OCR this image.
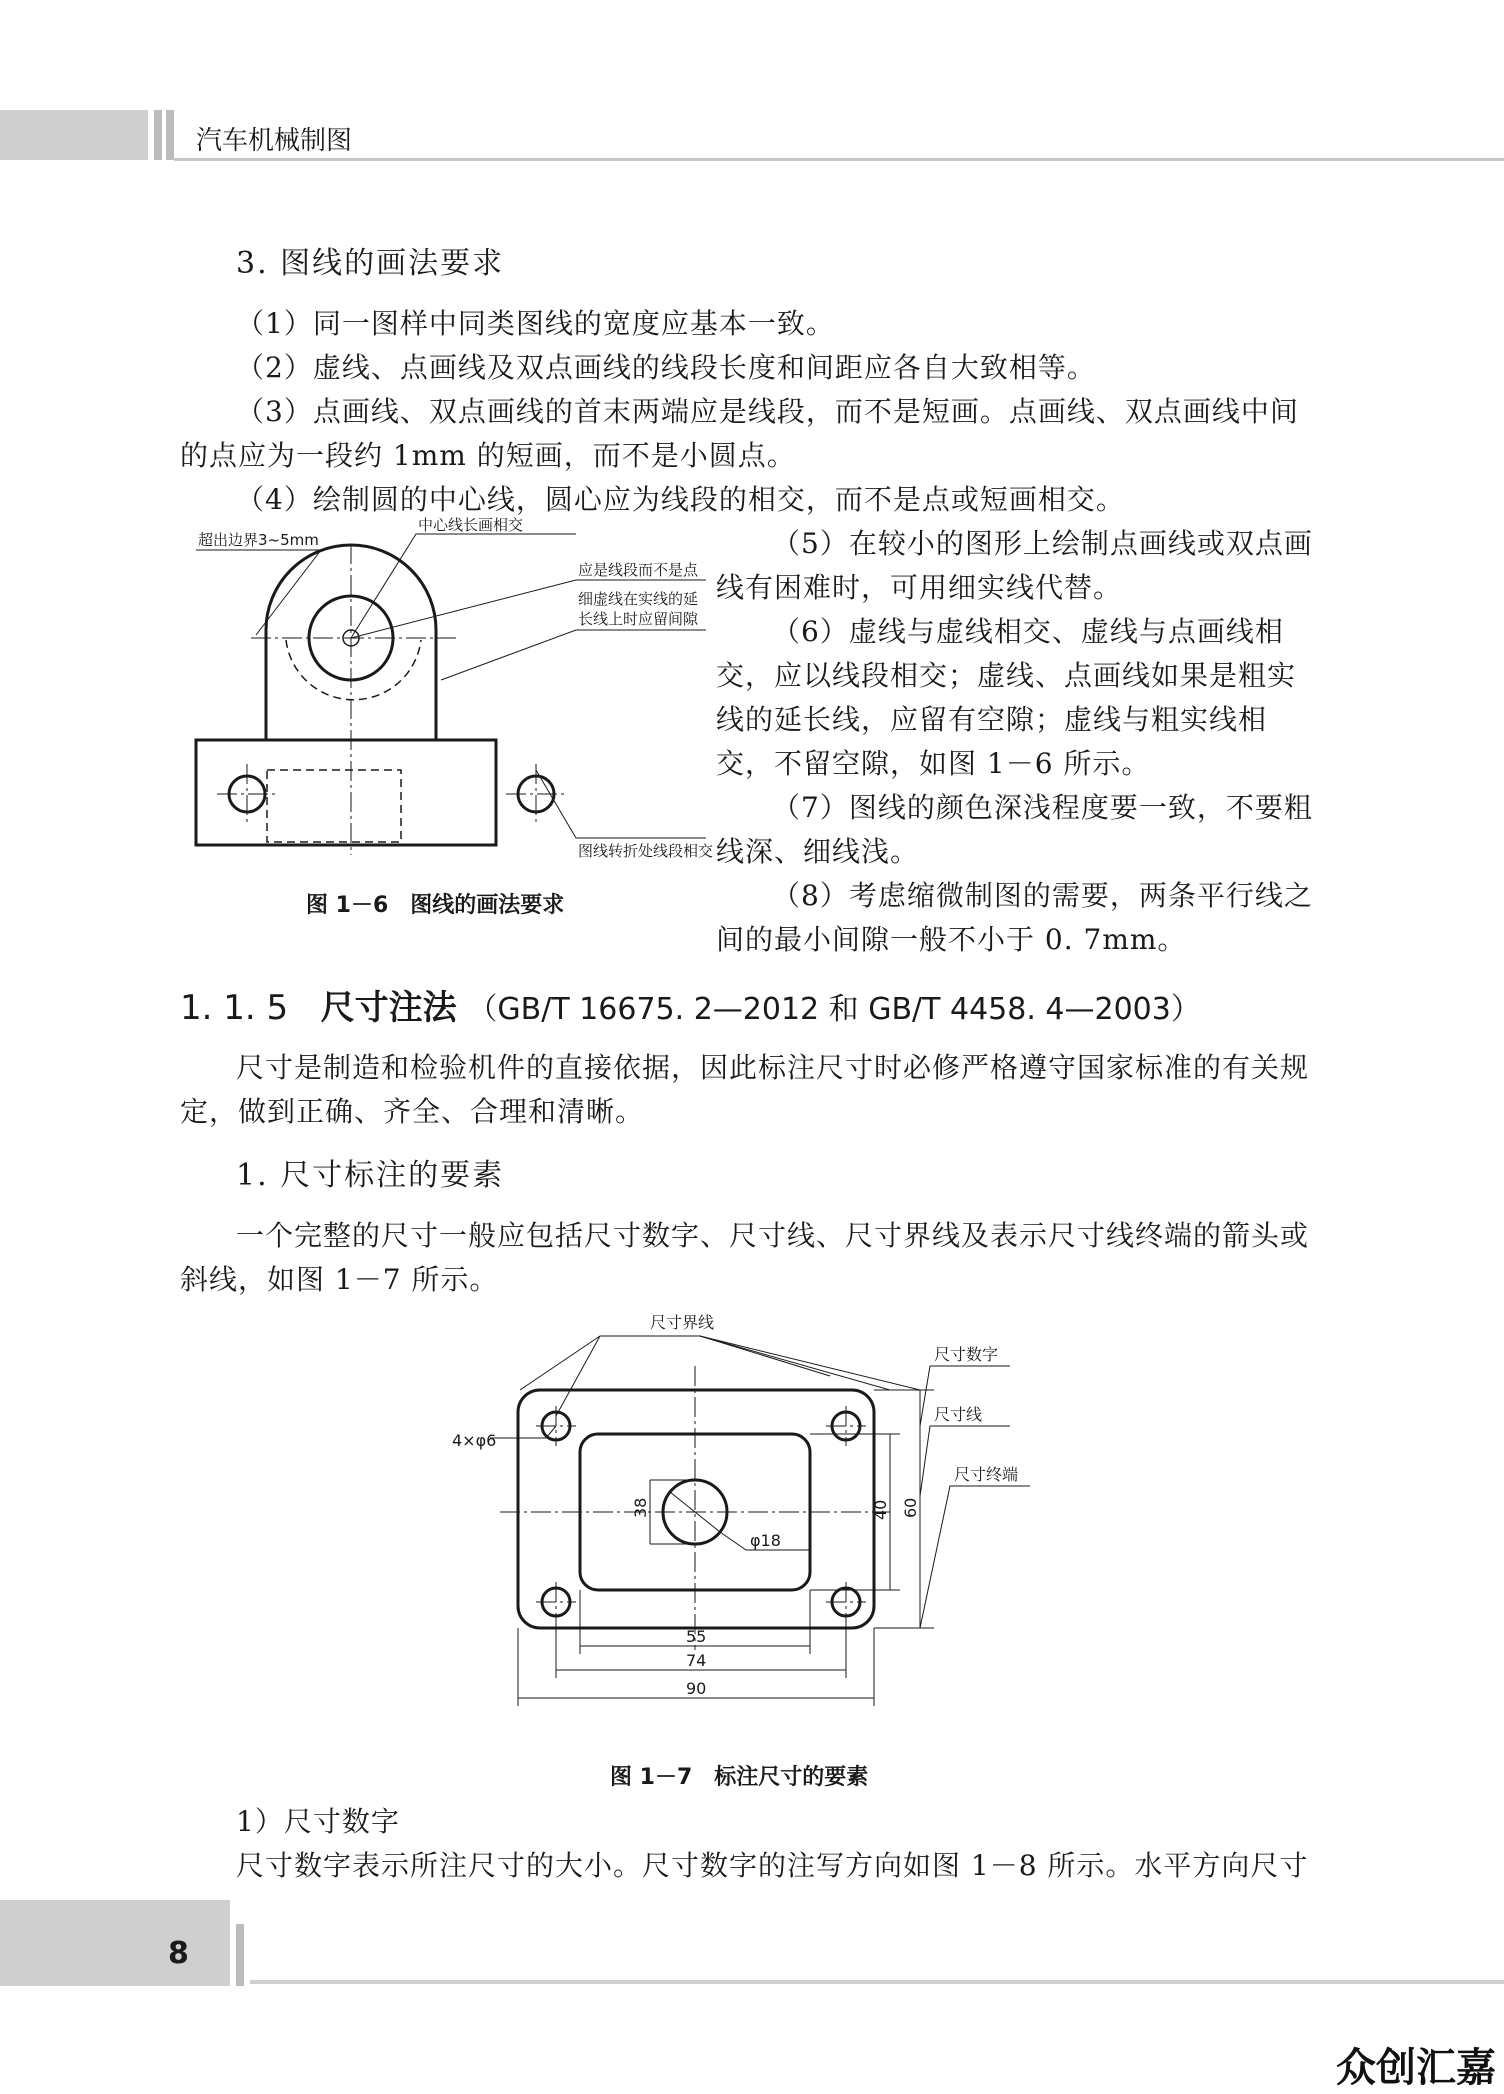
汽车机械制图
3. 图线的画法要求
（1）同一图样中同类图线的宽度应基本一致。
（2）虚线、点画线及双点画线的线段长度和间距应各自大致相等。
（3）点画线、双点画线的首末两端应是线段，而不是短画。点画线、双点画线中间的点应为一段约 1mm 的短画，而不是小圆点。
（4）绘制圆的中心线，圆心应为线段的相交，而不是点或短画相交。
（5）在较小的图形上绘制点画线或双点画线有困难时，可用细实线代替。
（6）虚线与虚线相交、虚线与点画线相交，应以线段相交；虚线、点画线如果是粗实线的延长线，应留有空隙；虚线与粗实线相交，不留空隙，如图 1－6 所示。
（7）图线的颜色深浅程度要一致，不要粗线深、细线浅。
（8）考虑缩微制图的需要，两条平行线之间的最小间隙一般不小于 0. 7mm。
超出边界3~5mm
中心线长画相交
应是线段而不是点
细虚线在实线的延
长线上时应留间隙
图线转折处线段相交
图 1－6　图线的画法要求
1. 1. 5 尺寸注法 （GB/T 16675. 2—2012 和 GB/T 4458. 4—2003）
尺寸是制造和检验机件的直接依据，因此标注尺寸时必修严格遵守国家标准的有关规定，做到正确、齐全、合理和清晰。
1. 尺寸标注的要素
一个完整的尺寸一般应包括尺寸数字、尺寸线、尺寸界线及表示尺寸线终端的箭头或斜线，如图 1－7 所示。
尺寸界线
尺寸数字
尺寸线
尺寸终端
4×φ6
φ18
38	40 60
55
74
90
图 1－7　标注尺寸的要素
1）尺寸数字
尺寸数字表示所注尺寸的大小。尺寸数字的注写方向如图 1－8 所示。水平方向尺寸
8
众创汇嘉
